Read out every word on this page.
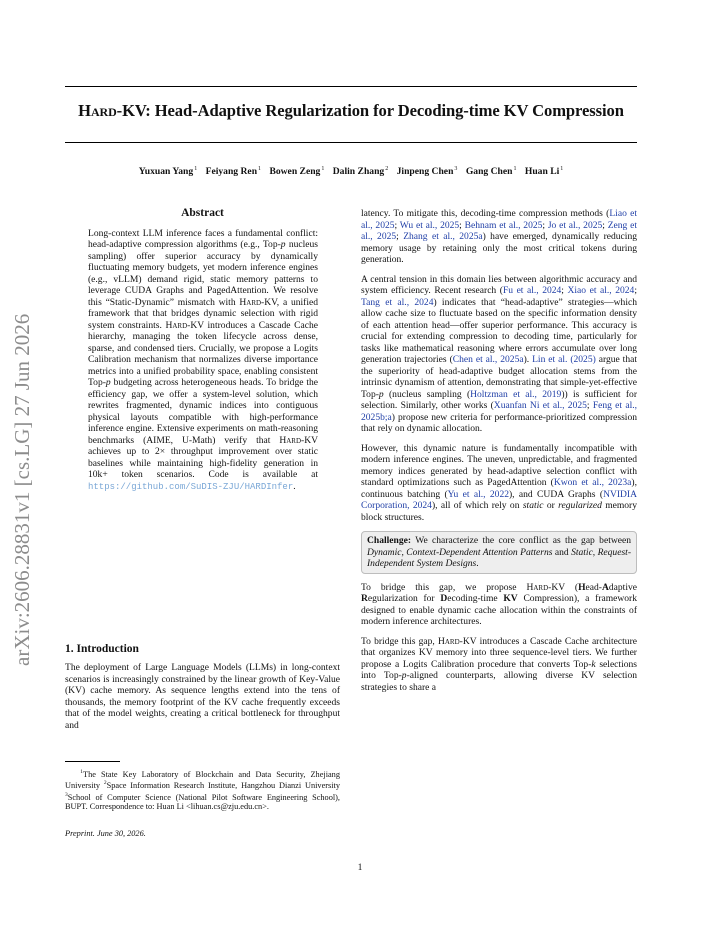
Hard-KV: Head-Adaptive Regularization for Decoding-time KV Compression
Yuxuan Yang$^1$ Feiyang Ren$^1$ Bowen Zeng$^1$ Dalin Zhang$^2$ Jinpeng Chen$^3$ Gang Chen$^1$ Huan Li$^1$
arXiv:2606.28831v1 [cs.LG] 27 Jun 2026
Abstract

Long-context LLM inference faces a fundamental conflict: head-adaptive compression algorithms (e.g., Top-p nucleus sampling) offer superior accuracy by dynamically fluctuating memory budgets, yet modern inference engines (e.g., vLLM) demand rigid, static memory patterns to leverage CUDA Graphs and PagedAttention. We resolve this “Static-Dynamic” mismatch with Hard-KV, a unified framework that that bridges dynamic selection with rigid system constraints. Hard-KV introduces a Cascade Cache hierarchy, managing the token lifecycle across dense, sparse, and condensed tiers. Crucially, we propose a Logits Calibration mechanism that normalizes diverse importance metrics into a unified probability space, enabling consistent Top-p budgeting across heterogeneous heads. To bridge the efficiency gap, we offer a system-level solution, which rewrites fragmented, dynamic indices into contiguous physical layouts compatible with high-performance inference engine. Extensive experiments on math-reasoning benchmarks (AIME, U-Math) verify that Hard-KV achieves up to 2× throughput improvement over static baselines while maintaining high-fidelity generation in 10k+ token scenarios. Code is available at https://github.com/SuDIS-ZJU/HARDInfer.

1. Introduction

The deployment of Large Language Models (LLMs) in long-context scenarios is increasingly constrained by the linear growth of Key-Value (KV) cache memory. As sequence lengths extend into the tens of thousands, the memory footprint of the KV cache frequently exceeds that of the model weights, creating a critical bottleneck for throughput and

$^1$The State Key Laboratory of Blockchain and Data Security, Zhejiang University $^2$Space Information Research Institute, Hangzhou Dianzi University $^3$School of Computer Science (National Pilot Software Engineering School), BUPT. Correspondence to: Huan Li <lihuan.cs@zju.edu.cn>.

Preprint. June 30, 2026.

latency. To mitigate this, decoding-time compression methods (Liao et al., 2025; Wu et al., 2025; Behnam et al., 2025; Jo et al., 2025; Zeng et al., 2025; Zhang et al., 2025a) have emerged, dynamically reducing memory usage by retaining only the most critical tokens during generation.

A central tension in this domain lies between algorithmic accuracy and system efficiency. Recent research (Fu et al., 2024; Xiao et al., 2024; Tang et al., 2024) indicates that “head-adaptive” strategies—which allow cache size to fluctuate based on the specific information density of each attention head—offer superior performance. This accuracy is crucial for extending compression to decoding time, particularly for tasks like mathematical reasoning where errors accumulate over long generation trajectories (Chen et al., 2025a). Lin et al. (2025) argue that the superiority of head-adaptive budget allocation stems from the intrinsic dynamism of attention, demonstrating that simple-yet-effective Top-p (nucleus sampling (Holtzman et al., 2019)) is sufficient for selection. Similarly, other works (Xuanfan Ni et al., 2025; Feng et al., 2025b;a) propose new criteria for performance-prioritized compression that rely on dynamic allocation.

However, this dynamic nature is fundamentally incompatible with modern inference engines. The uneven, unpredictable, and fragmented memory indices generated by head-adaptive selection conflict with standard optimizations such as PagedAttention (Kwon et al., 2023a), continuous batching (Yu et al., 2022), and CUDA Graphs (NVIDIA Corporation, 2024), all of which rely on static or regularized memory block structures.

Challenge: We characterize the core conflict as the gap between Dynamic, Context-Dependent Attention Patterns and Static, Request-Independent System Designs.

To bridge this gap, we propose Hard-KV (Head-Adaptive Regularization for Decoding-time KV Compression), a framework designed to enable dynamic cache allocation within the constraints of modern inference architectures.

To bridge this gap, Hard-KV introduces a Cascade Cache architecture that organizes KV memory into three sequence-level tiers. We further propose a Logits Calibration procedure that converts Top-k selections into Top-p-aligned counterparts, allowing diverse KV selection strategies to share a

1
